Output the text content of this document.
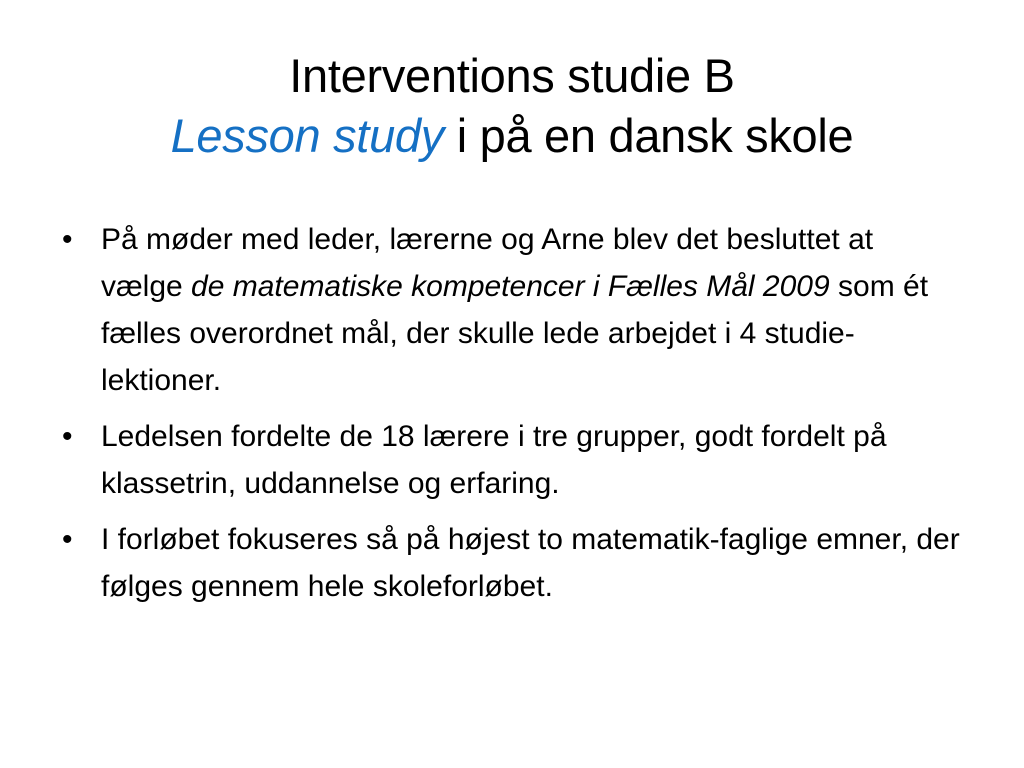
Interventions studie B
Lesson study i på en dansk skole
• På møder med leder, lærerne og Arne blev det besluttet at vælge de matematiske kompetencer i Fælles Mål 2009 som ét fælles overordnet mål, der skulle lede arbejdet i 4 studie-lektioner.
• Ledelsen fordelte de 18 lærere i tre grupper, godt fordelt på klassetrin, uddannelse og erfaring.
• I forløbet fokuseres så på højest to matematik-faglige emner, der følges gennem hele skoleforløbet.
